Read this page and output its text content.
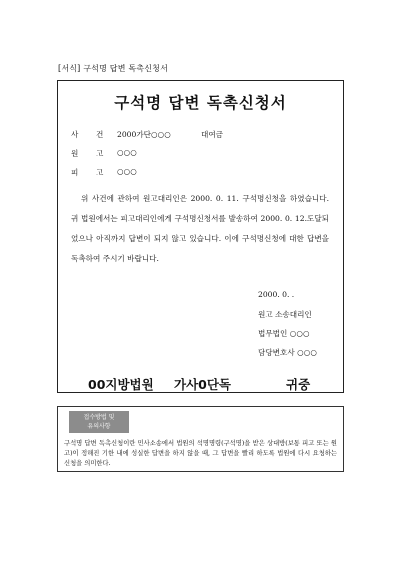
[서식] 구석명 답변 독촉신청서
구석명 답변 독촉신청서
사 건 2000가단○○○	대여금
원 고 ○○○
피 고 ○○○

위 사건에 관하여 원고대리인은 2000. 0. 11. 구석명신청을 하였습니다. 귀 법원에서는 피고대리인에게 구석명신청서를 발송하여 2000. 0. 12.도달되었으나 아직까지 답변이 되지 않고 있습니다. 이에 구석명신청에 대한 답변을 독촉하여 주시기 바랍니다.

2000. 0. .
원고 소송대리인
법무법인 ○○○
담당변호사 ○○○
00지방법원 가사0단독	귀중
접수방법 및
유의사항
구석명 답변 독촉신청이란 민사소송에서 법원의 석명명령(구석명)을 받은 상대방(보통 피고 또는 원고)이 정해진 기한 내에 성실한 답변을 하지 않을 때, 그 답변을 빨리 하도록 법원에 다시 요청하는 신청을 의미한다.
